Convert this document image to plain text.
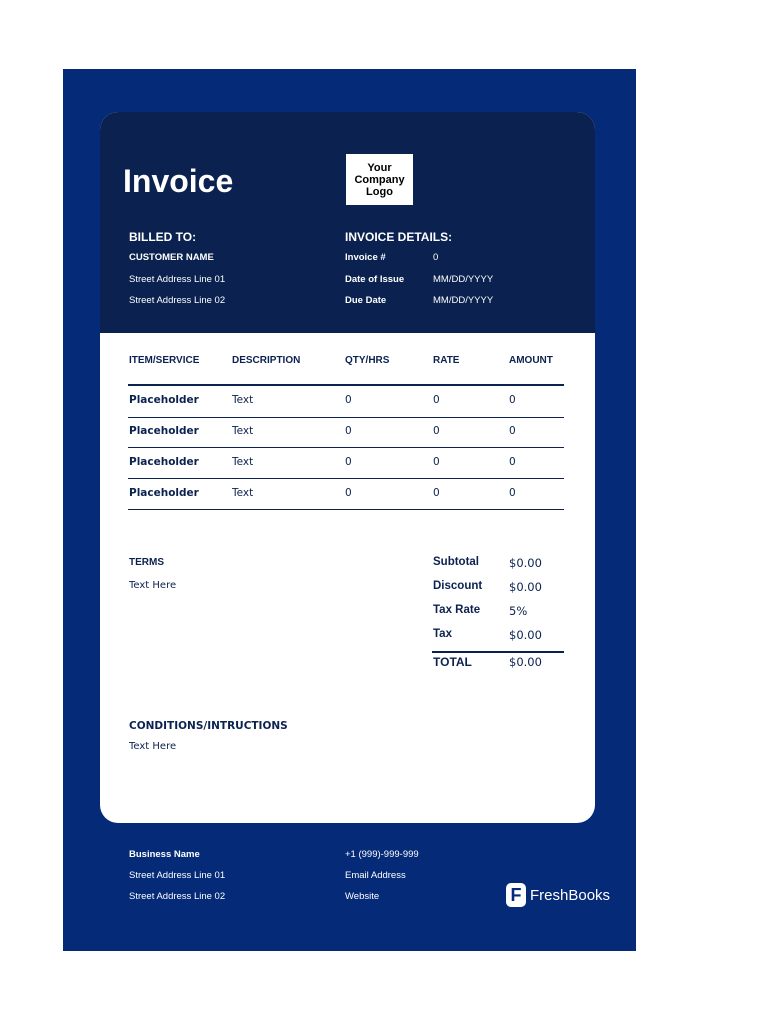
Invoice	Your
Company
Logo
BILLED TO:
CUSTOMER NAME
Street Address Line 01
Street Address Line 02
INVOICE DETAILS:
Invoice #	0
Date of Issue	MM/DD/YYYY
Due Date	MM/DD/YYYY
ITEM/SERVICE	DESCRIPTION	QTY/HRS	RATE	AMOUNT
Placeholder	Text	0	0	0
Placeholder	Text	0	0	0
Placeholder	Text	0	0	0
Placeholder	Text	0	0	0
TERMS
Text Here
Subtotal	$0.00
Discount $0.00
Tax Rate	5%
Tax	$0.00
TOTAL	$0.00
CONDITIONS/INTRUCTIONS
Text Here
Business Name
Street Address Line 01
Street Address Line 02
+1 (999)-999-999
Email Address
Website	F FreshBooks
